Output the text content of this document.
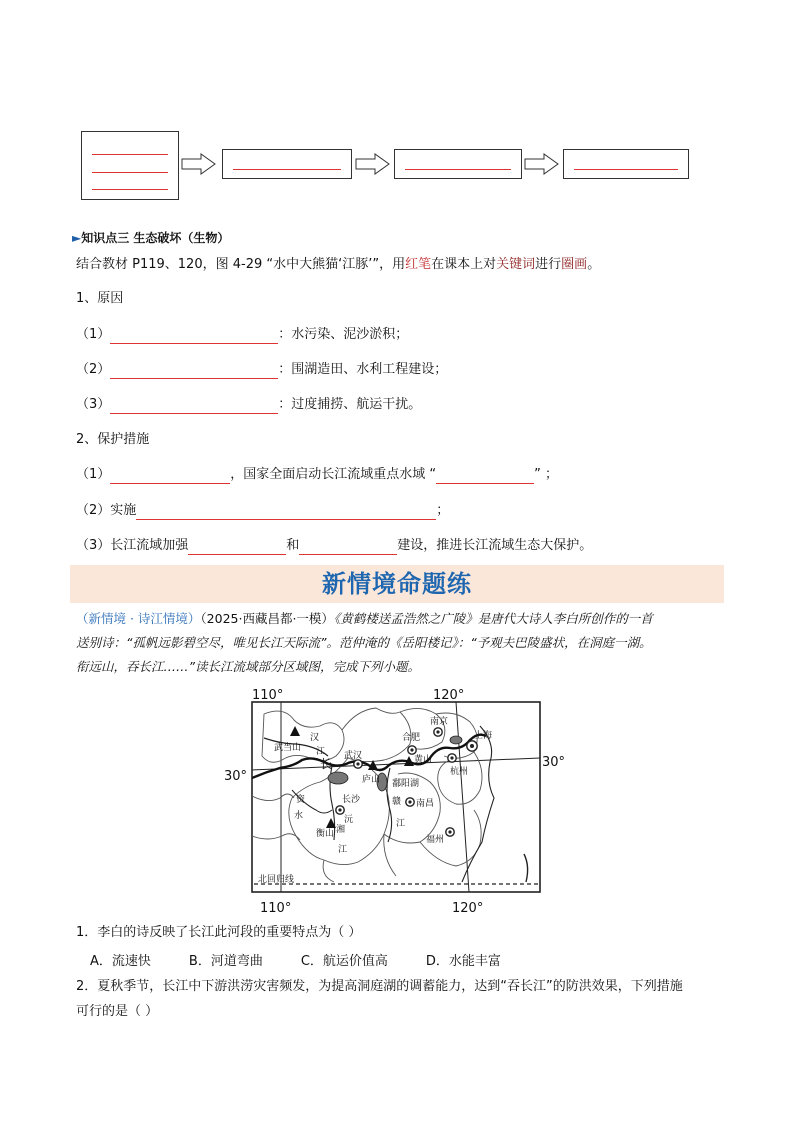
►知识点三 生态破坏（生物）
结合教材 P119、120，图 4-29 “水中大熊猫‘江豚’”，用红笔在课本上对关键词进行圈画。
1、原因
（1）	：水污染、泥沙淤积；
（2）	：围湖造田、水利工程建设；
（3）	：过度捕捞、航运干扰。
2、保护措施
（1）	，国家全面启动长江流域重点水域 “	” ；
（2）实施	；
（3）长江流域加强	和	建设，推进长江流域生态大保护。
新情境命题练
（新情境 · 诗江情境）（2025·西藏昌都·一模）《黄鹤楼送孟浩然之广陵》是唐代大诗人李白所创作的一首
送别诗：“孤帆远影碧空尽，唯见长江天际流”。范仲淹的《岳阳楼记》：“予观夫巴陵盛状，在洞庭一湖。
衔远山，吞长江……”读长江流域部分区域图，完成下列小题。
110°	120°
110°	120°
30°
30°
北回归线
武当山
汉
江
长
武汉
合肥
南京
上海
黄山
杭州
庐山 鄱阳湖
南昌
长沙	赣
江
衡山 湘
资
水	沅
江
福州
1．李白的诗反映了长江此河段的重要特点为（ ）
A．流速快	B．河道弯曲	C．航运价值高	D．水能丰富
2．夏秋季节，长江中下游洪涝灾害频发，为提高洞庭湖的调蓄能力，达到“吞长江”的防洪效果，下列措施
可行的是（ ）
